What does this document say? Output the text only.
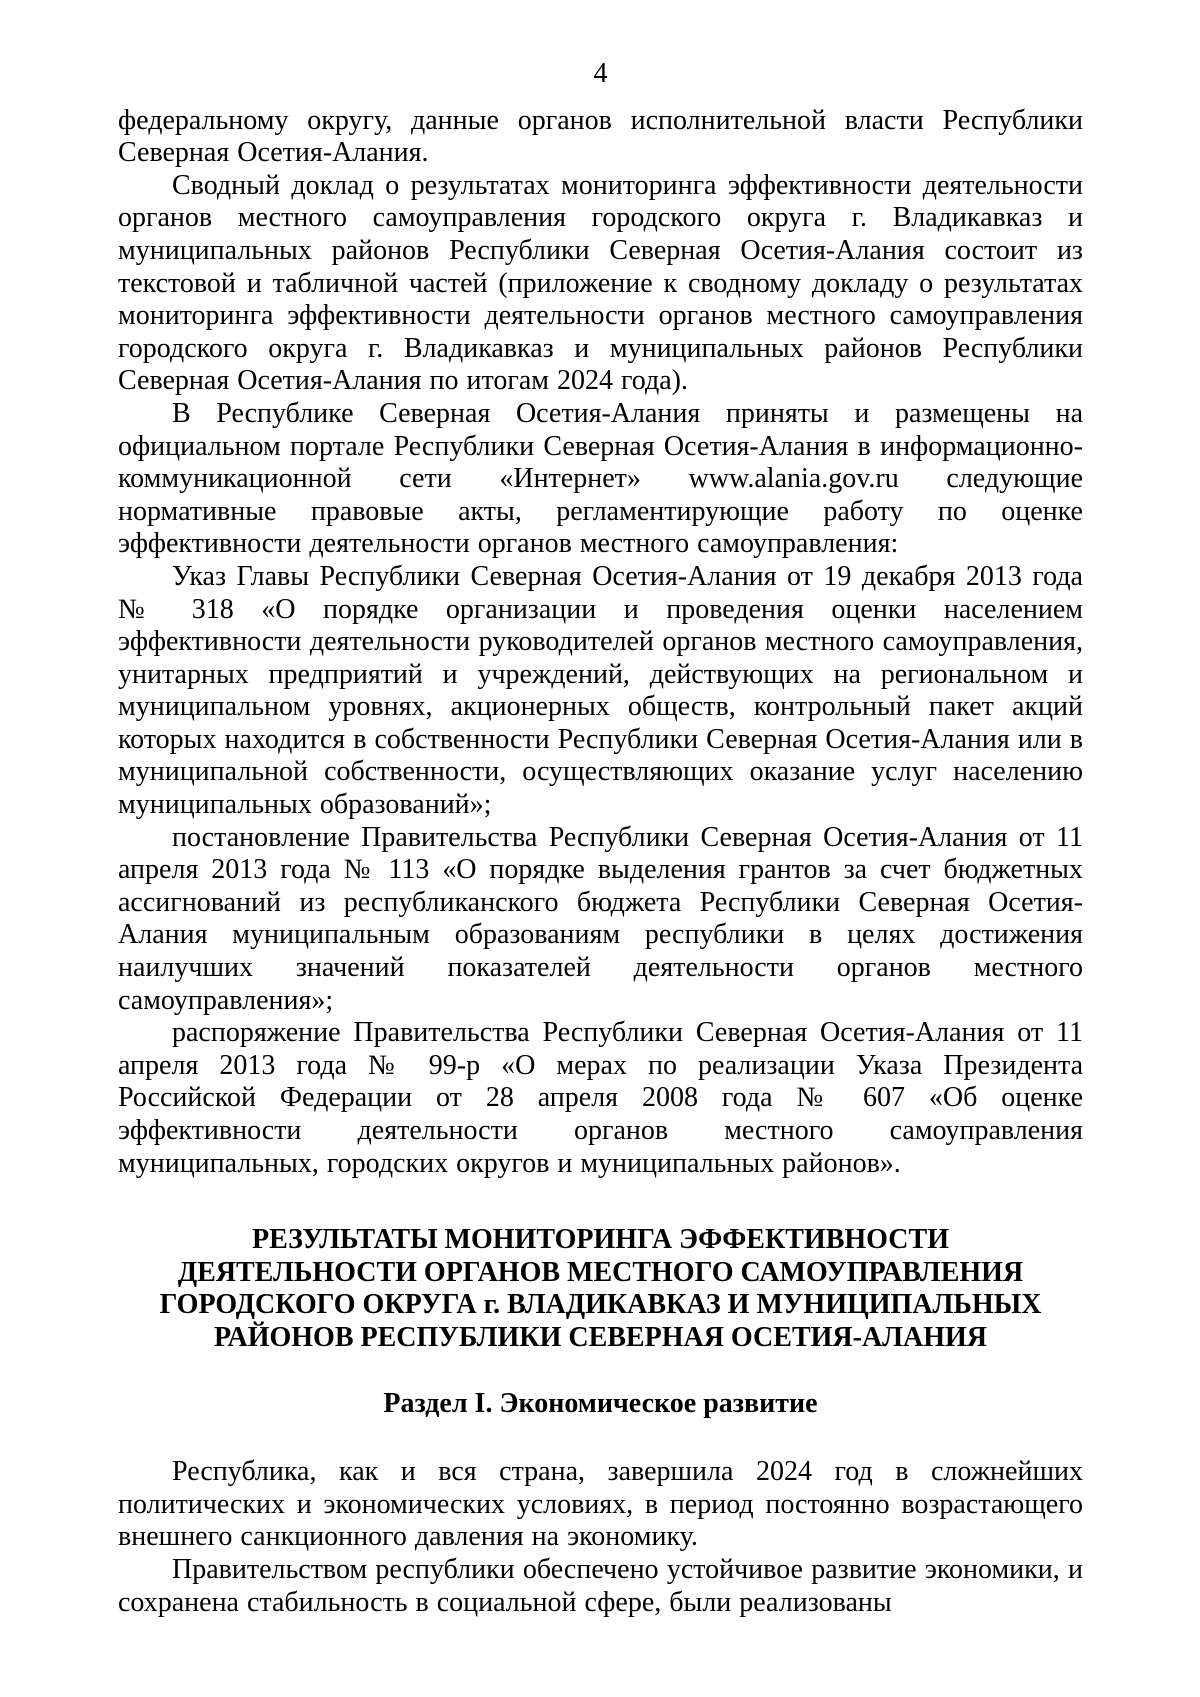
4

федеральному округу, данные органов исполнительной власти Республики Северная Осетия-Алания.

Сводный доклад о результатах мониторинга эффективности деятельности органов местного самоуправления городского округа г. Владикавказ и муниципальных районов Республики Северная Осетия-Алания состоит из текстовой и табличной частей (приложение к сводному докладу о результатах мониторинга эффективности деятельности органов местного самоуправления городского округа г. Владикавказ и муниципальных районов Республики Северная Осетия-Алания по итогам 2024 года).

В Республике Северная Осетия-Алания приняты и размещены на официальном портале Республики Северная Осетия-Алания в информационно-коммуникационной сети «Интернет» www.alania.gov.ru следующие нормативные правовые акты, регламентирующие работу по оценке эффективности деятельности органов местного самоуправления:

Указ Главы Республики Северная Осетия-Алания от 19 декабря 2013 года № 318 «О порядке организации и проведения оценки населением эффективности деятельности руководителей органов местного самоуправления, унитарных предприятий и учреждений, действующих на региональном и муниципальном уровнях, акционерных обществ, контрольный пакет акций которых находится в собственности Республики Северная Осетия-Алания или в муниципальной собственности, осуществляющих оказание услуг населению муниципальных образований»;

постановление Правительства Республики Северная Осетия-Алания от 11 апреля 2013 года № 113 «О порядке выделения грантов за счет бюджетных ассигнований из республиканского бюджета Республики Северная Осетия-Алания муниципальным образованиям республики в целях достижения наилучших значений показателей деятельности органов местного самоуправления»;

распоряжение Правительства Республики Северная Осетия-Алания от 11 апреля 2013 года № 99-р «О мерах по реализации Указа Президента Российской Федерации от 28 апреля 2008 года № 607 «Об оценке эффективности деятельности органов местного самоуправления муниципальных, городских округов и муниципальных районов».

РЕЗУЛЬТАТЫ МОНИТОРИНГА ЭФФЕКТИВНОСТИ
ДЕЯТЕЛЬНОСТИ ОРГАНОВ МЕСТНОГО САМОУПРАВЛЕНИЯ
ГОРОДСКОГО ОКРУГА г. ВЛАДИКАВКАЗ И МУНИЦИПАЛЬНЫХ
РАЙОНОВ РЕСПУБЛИКИ СЕВЕРНАЯ ОСЕТИЯ-АЛАНИЯ
Раздел I. Экономическое развитие

Республика, как и вся страна, завершила 2024 год в сложнейших политических и экономических условиях, в период постоянно возрастающего внешнего санкционного давления на экономику.

Правительством республики обеспечено устойчивое развитие экономики, и сохранена стабильность в социальной сфере, были реализованы
